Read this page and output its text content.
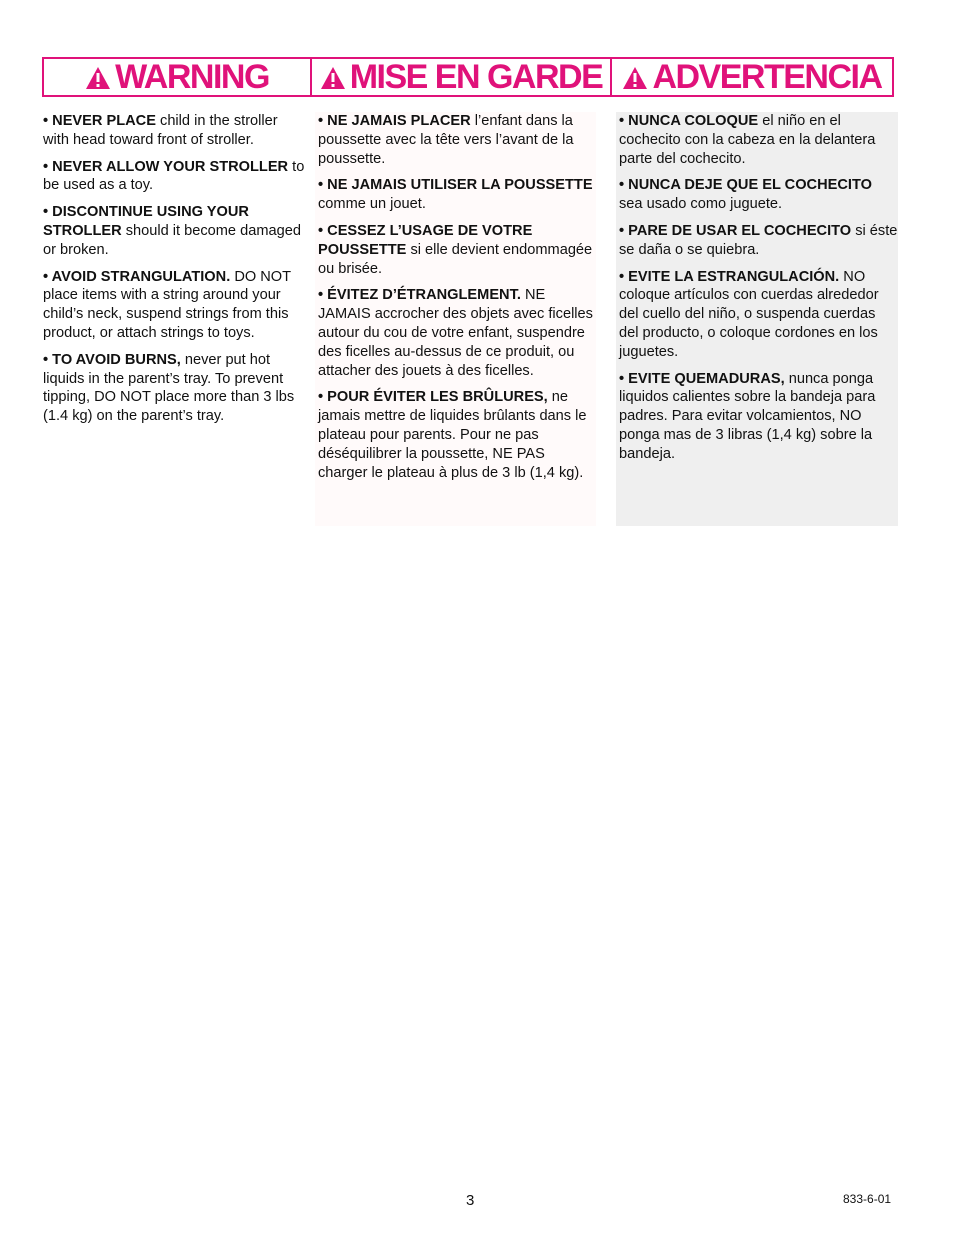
WARNING MISE EN GARDE ADVERTENCIA
• NEVER PLACE child in the stroller with head toward front of stroller.
• NEVER ALLOW YOUR STROLLER to be used as a toy.
• DISCONTINUE USING YOUR STROLLER should it become damaged or broken.
• AVOID STRANGULATION. DO NOT place items with a string around your child’s neck, suspend strings from this product, or attach strings to toys.
• TO AVOID BURNS, never put hot liquids in the parent’s tray. To prevent tipping, DO NOT place more than 3 lbs (1.4 kg) on the parent’s tray.
• NE JAMAIS PLACER l’enfant dans la poussette avec la tête vers l’avant de la poussette.
• NE JAMAIS UTILISER LA POUSSETTE comme un jouet.
• CESSEZ L’USAGE DE VOTRE POUSSETTE si elle devient endommagée ou brisée.
• ÉVITEZ D’ÉTRANGLEMENT. NE JAMAIS accrocher des objets avec ficelles autour du cou de votre enfant, suspendre des ficelles au-dessus de ce produit, ou attacher des jouets à des ficelles.
• POUR ÉVITER LES BRÛLURES, ne jamais mettre de liquides brûlants dans le plateau pour parents. Pour ne pas déséquilibrer la poussette, NE PAS charger le plateau à plus de 3 lb (1,4 kg).
• NUNCA COLOQUE el niño en el cochecito con la cabeza en la delantera parte del cochecito.
• NUNCA DEJE QUE EL COCHECITO sea usado como juguete.
• PARE DE USAR EL COCHECITO si éste se daña o se quiebra.
• EVITE LA ESTRANGULACIÓN. NO coloque artículos con cuerdas alrededor del cuello del niño, o suspenda cuerdas del producto, o coloque cordones en los juguetes.
• EVITE QUEMADURAS, nunca ponga liquidos calientes sobre la bandeja para padres. Para evitar volcamientos, NO ponga mas de 3 libras (1,4 kg) sobre la bandeja.
3	833-6-01
